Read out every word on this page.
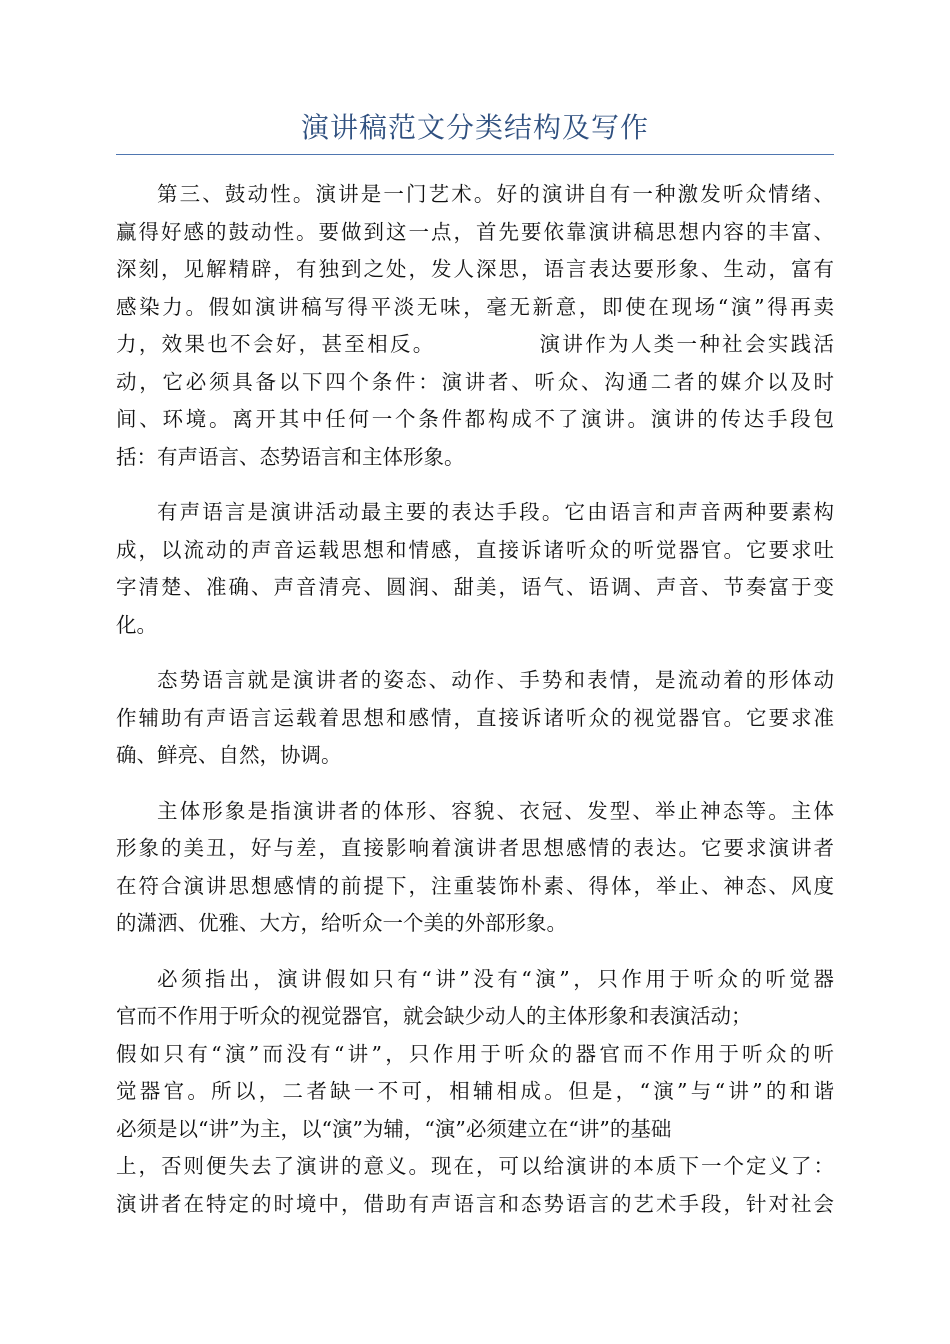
演讲稿范文分类结构及写作
第三、鼓动性。演讲是一门艺术。好的演讲自有一种激发听众情绪、
赢得好感的鼓动性。要做到这一点，首先要依靠演讲稿思想内容的丰富、
深刻，见解精辟，有独到之处，发人深思，语言表达要形象、生动，富有
感染力。假如演讲稿写得平淡无味，毫无新意，即使在现场“演”得再卖
力，效果也不会好，甚至相反。　　　　　演讲作为人类一种社会实践活
动，它必须具备以下四个条件：演讲者、听众、沟通二者的媒介以及时
间、环境。离开其中任何一个条件都构成不了演讲。演讲的传达手段包
括：有声语言、态势语言和主体形象。
有声语言是演讲活动最主要的表达手段。它由语言和声音两种要素构
成，以流动的声音运载思想和情感，直接诉诸听众的听觉器官。它要求吐
字清楚、准确、声音清亮、圆润、甜美，语气、语调、声音、节奏富于变
化。
态势语言就是演讲者的姿态、动作、手势和表情，是流动着的形体动
作辅助有声语言运载着思想和感情，直接诉诸听众的视觉器官。它要求准
确、鲜亮、自然，协调。
主体形象是指演讲者的体形、容貌、衣冠、发型、举止神态等。主体
形象的美丑，好与差，直接影响着演讲者思想感情的表达。它要求演讲者
在符合演讲思想感情的前提下，注重装饰朴素、得体，举止、神态、风度
的潇洒、优雅、大方，给听众一个美的外部形象。
必须指出，演讲假如只有“讲”没有“演”，只作用于听众的听觉器
官而不作用于听众的视觉器官，就会缺少动人的主体形象和表演活动；
假如只有“演”而没有“讲”，只作用于听众的器官而不作用于听众的听
觉器官。所以，二者缺一不可，相辅相成。但是，“演”与“讲”的和谐
必须是以“讲”为主，以“演”为辅，“演”必须建立在“讲”的基础
上，否则便失去了演讲的意义。现在，可以给演讲的本质下一个定义了：
演讲者在特定的时境中，借助有声语言和态势语言的艺术手段，针对社会
